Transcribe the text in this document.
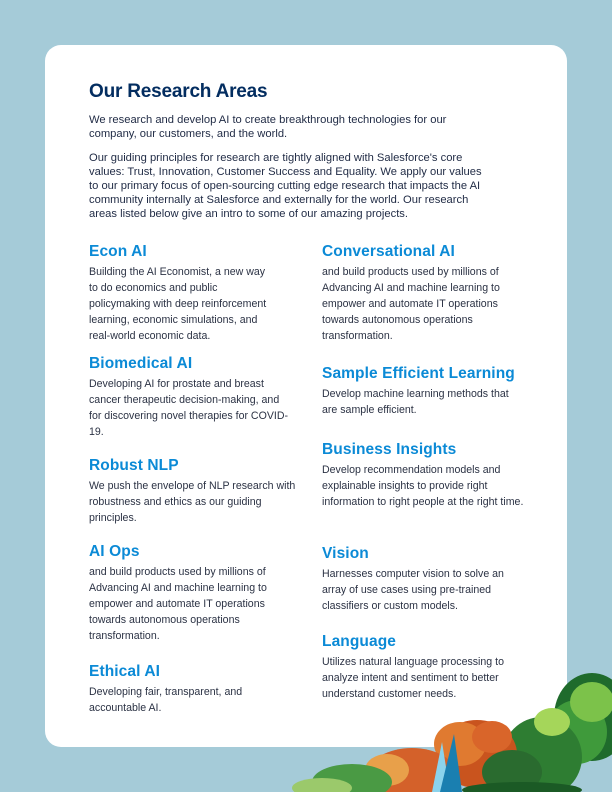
Our Research Areas

We research and develop AI to create breakthrough technologies for our company, our customers, and the world.

Our guiding principles for research are tightly aligned with Salesforce's core values: Trust, Innovation, Customer Success and Equality. We apply our values to our primary focus of open-sourcing cutting edge research that impacts the AI community internally at Salesforce and externally for the world. Our research areas listed below give an intro to some of our amazing projects.

Econ AI

Building the AI Economist, a new way to do economics and public policymaking with deep reinforcement learning, economic simulations, and real-world economic data.

Biomedical AI

Developing AI for prostate and breast cancer therapeutic decision-making, and for discovering novel therapies for COVID-19.

Robust NLP

We push the envelope of NLP research with robustness and ethics as our guiding principles.

AI Ops

and build products used by millions of Advancing AI and machine learning to empower and automate IT operations towards autonomous operations transformation.

Ethical AI

Developing fair, transparent, and accountable AI.

Conversational AI

and build products used by millions of Advancing AI and machine learning to empower and automate IT operations towards autonomous operations transformation.

Sample Efficient Learning

Develop machine learning methods that are sample efficient.

Business Insights

Develop recommendation models and explainable insights to provide right information to right people at the right time.

Vision

Harnesses computer vision to solve an array of use cases using pre-trained classifiers or custom models.

Language

Utilizes natural language processing to analyze intent and sentiment to better understand customer needs.
